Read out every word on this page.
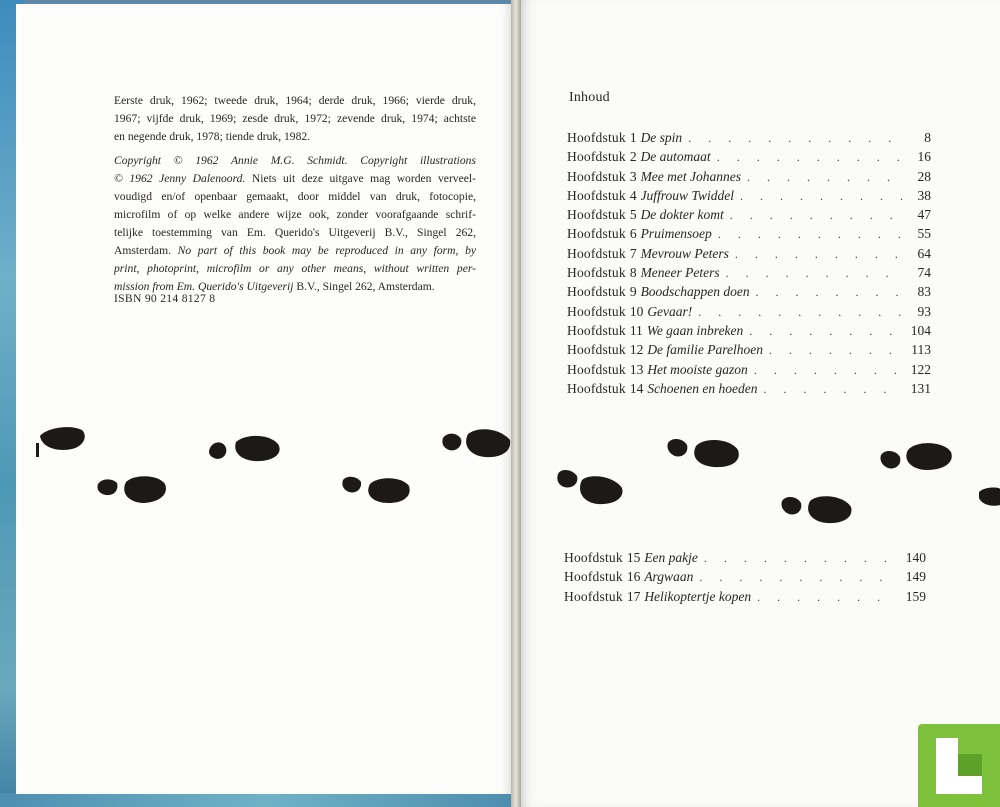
Eerste druk, 1962; tweede druk, 1964; derde druk, 1966; vierde druk,
1967; vijfde druk, 1969; zesde druk, 1972; zevende druk, 1974; achtste
en negende druk, 1978; tiende druk, 1982.
Copyright © 1962 Annie M.G. Schmidt. Copyright illustrations
© 1962 Jenny Dalenoord. Niets uit deze uitgave mag worden verveel-
voudigd en/of openbaar gemaakt, door middel van druk, fotocopie,
microfilm of op welke andere wijze ook, zonder voorafgaande schrif-
telijke toestemming van Em. Querido's Uitgeverij B.V., Singel 262,
Amsterdam. No part of this book may be reproduced in any form, by
print, photoprint, microfilm or any other means, without written per-
mission from Em. Querido's Uitgeverij B.V., Singel 262, Amsterdam.
ISBN 90 214 8127 8
Inhoud
Hoofdstuk 1 De spin . . .	8
Hoofdstuk 2 De automaat . . .	16
Hoofdstuk 3 Mee met Johannes . . .	28
Hoofdstuk 4 Juffrouw Twiddel . . .	38
Hoofdstuk 5 De dokter komt . . .	47
Hoofdstuk 6 Pruimensoep . . .	55
Hoofdstuk 7 Mevrouw Peters . . .	64
Hoofdstuk 8 Meneer Peters . . .	74
Hoofdstuk 9 Boodschappen doen . . .	83
Hoofdstuk 10 Gevaar! . . .	93
Hoofdstuk 11 We gaan inbreken . . .	104
Hoofdstuk 12 De familie Parelhoen . . .	113
Hoofdstuk 13 Het mooiste gazon . . .	122
Hoofdstuk 14 Schoenen en hoeden . . .	131
Hoofdstuk 15 Een pakje . . .	140
Hoofdstuk 16 Argwaan . . .	149
Hoofdstuk 17 Helikoptertje kopen . . .	159
